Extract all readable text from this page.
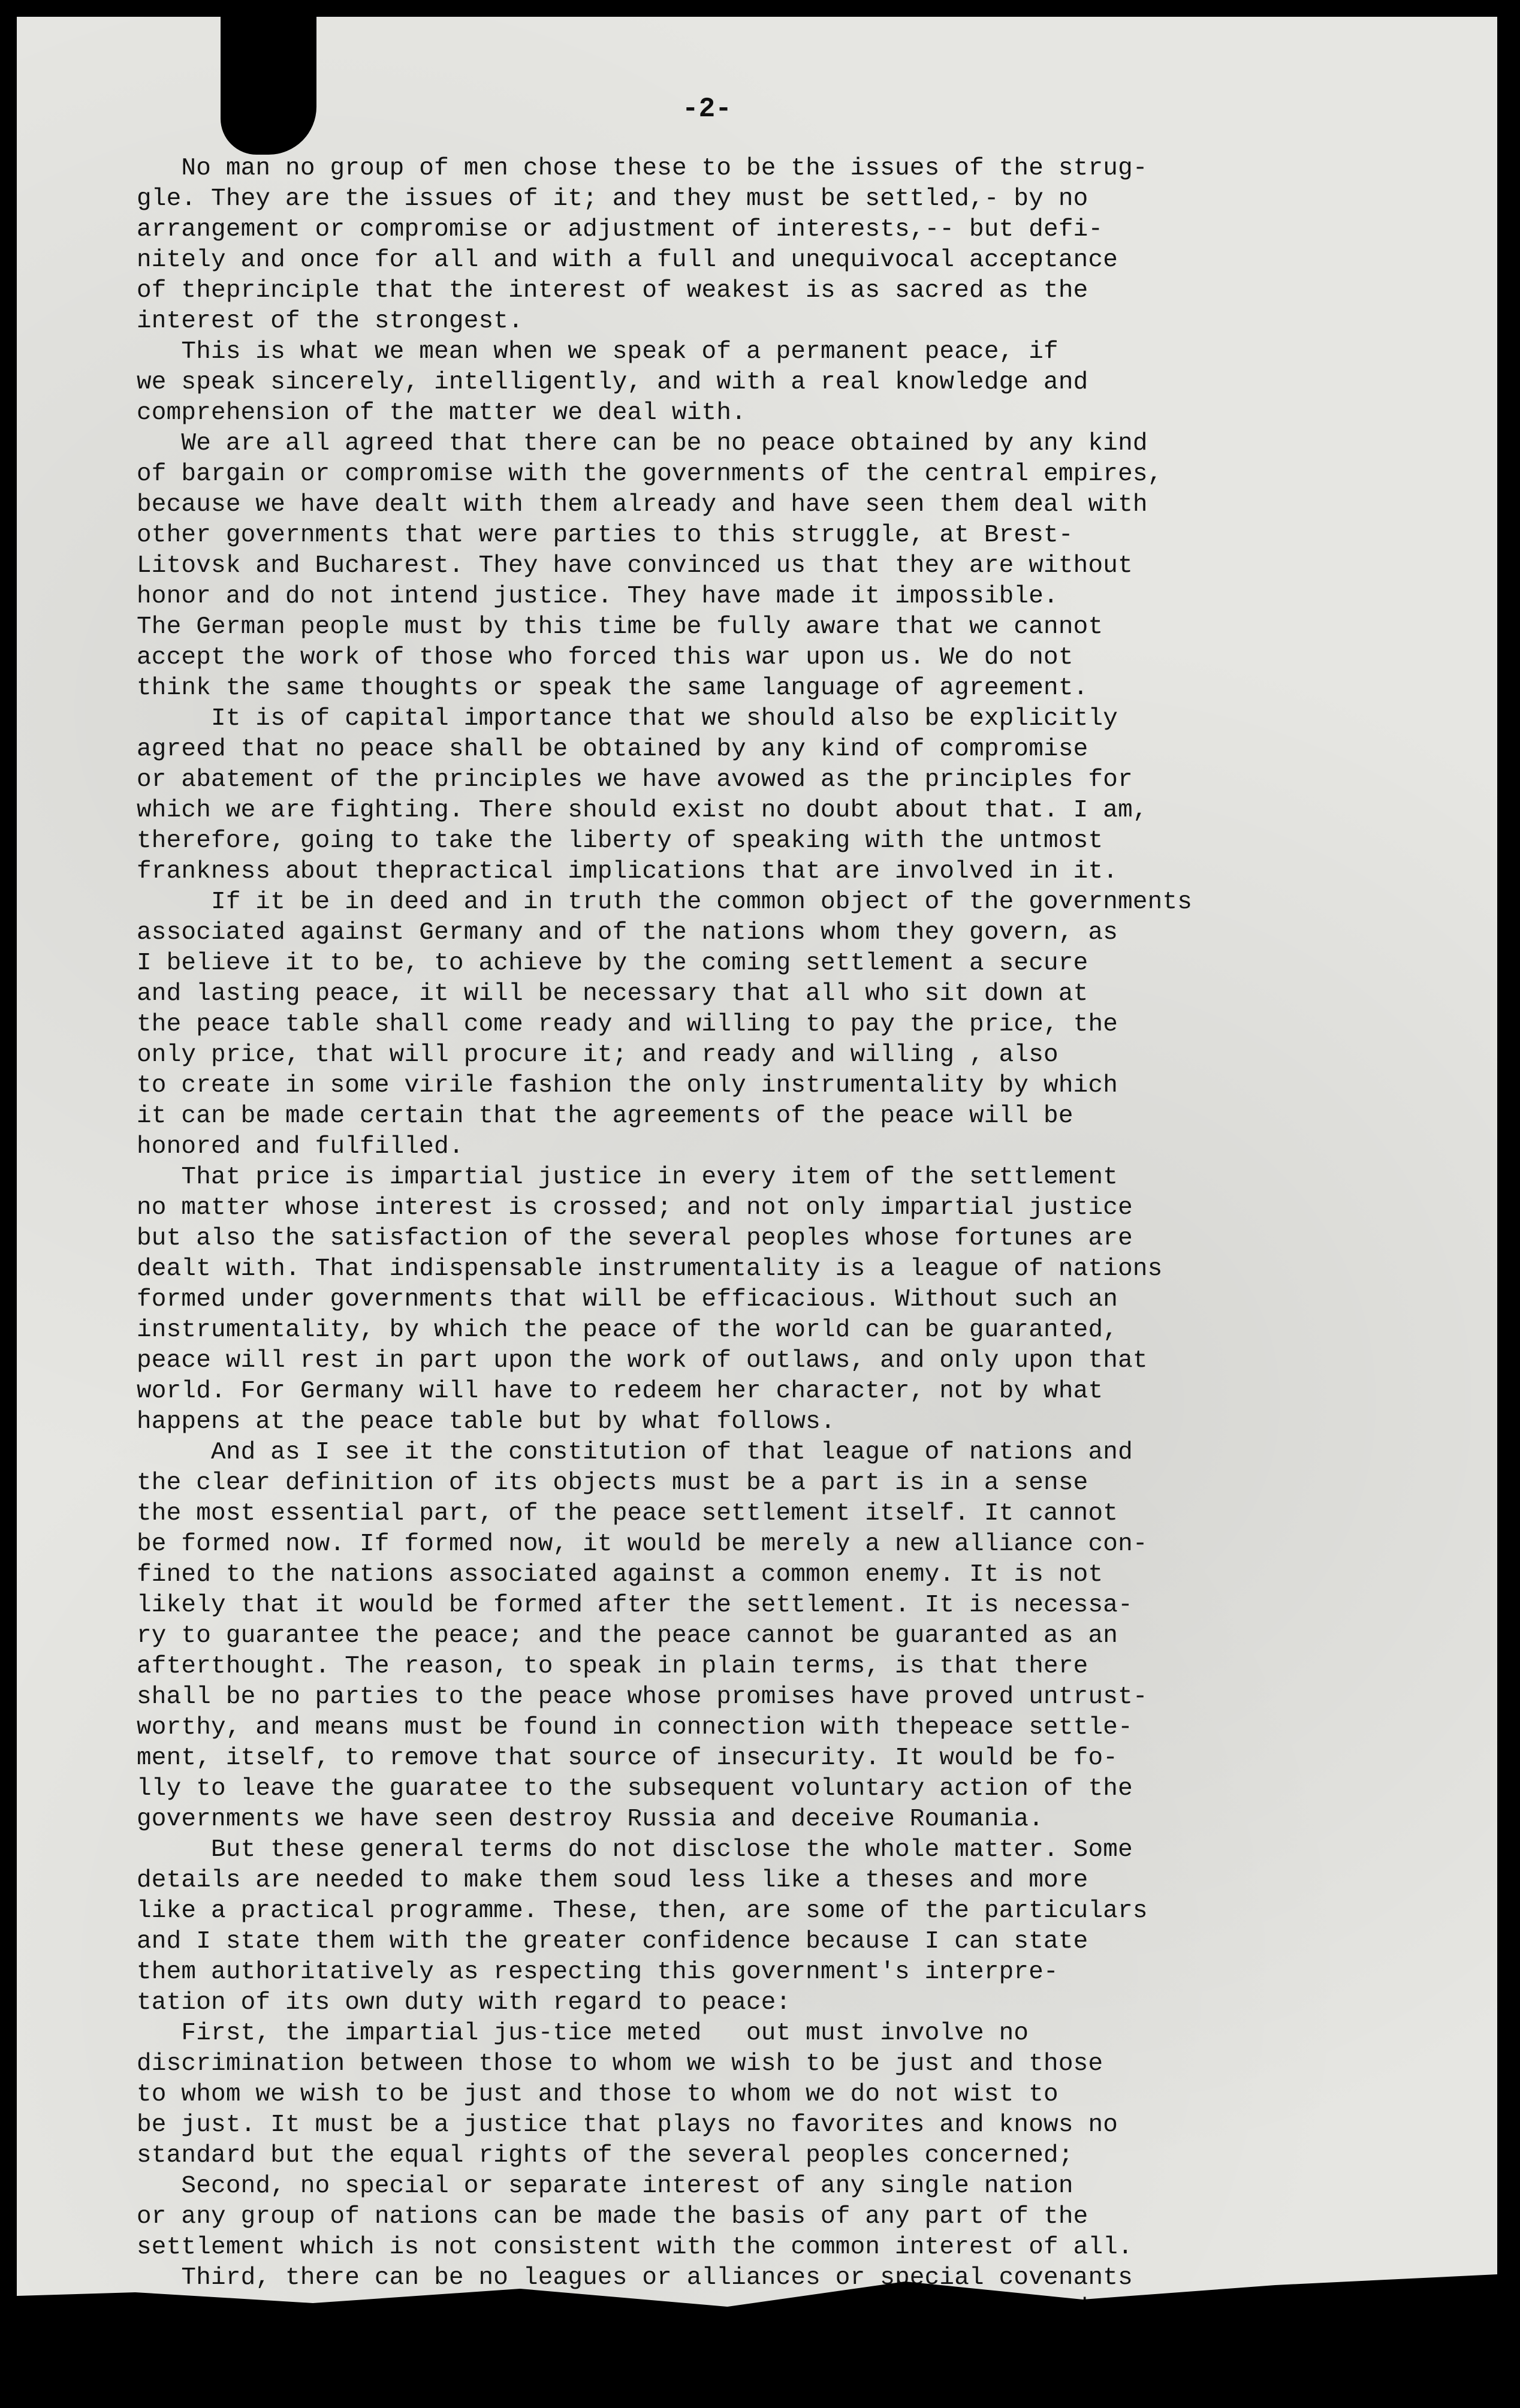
-2-
No man no group of men chose these to be the issues of the strug-
gle. They are the issues of it; and they must be settled,- by no
arrangement or compromise or adjustment of interests,-- but defi-
nitely and once for all and with a full and unequivocal acceptance
of theprinciple that the interest of weakest is as sacred as the
interest of the strongest.
This is what we mean when we speak of a permanent peace, if
we speak sincerely, intelligently, and with a real knowledge and
comprehension of the matter we deal with.
We are all agreed that there can be no peace obtained by any kind
of bargain or compromise with the governments of the central empires,
because we have dealt with them already and have seen them deal with
other governments that were parties to this struggle, at Brest-
Litovsk and Bucharest. They have convinced us that they are without
honor and do not intend justice. They have made it impossible.
The German people must by this time be fully aware that we cannot
accept the work of those who forced this war upon us. We do not
think the same thoughts or speak the same language of agreement.
It is of capital importance that we should also be explicitly
agreed that no peace shall be obtained by any kind of compromise
or abatement of the principles we have avowed as the principles for
which we are fighting. There should exist no doubt about that. I am,
therefore, going to take the liberty of speaking with the untmost
frankness about thepractical implications that are involved in it.
If it be in deed and in truth the common object of the governments
associated against Germany and of the nations whom they govern, as
I believe it to be, to achieve by the coming settlement a secure
and lasting peace, it will be necessary that all who sit down at
the peace table shall come ready and willing to pay the price, the
only price, that will procure it; and ready and willing , also
to create in some virile fashion the only instrumentality by which
it can be made certain that the agreements of the peace will be
honored and fulfilled.
That price is impartial justice in every item of the settlement
no matter whose interest is crossed; and not only impartial justice
but also the satisfaction of the several peoples whose fortunes are
dealt with. That indispensable instrumentality is a league of nations
formed under governments that will be efficacious. Without such an
instrumentality, by which the peace of the world can be guaranted,
peace will rest in part upon the work of outlaws, and only upon that
world. For Germany will have to redeem her character, not by what
happens at the peace table but by what follows.
And as I see it the constitution of that league of nations and
the clear definition of its objects must be a part is in a sense
the most essential part, of the peace settlement itself. It cannot
be formed now. If formed now, it would be merely a new alliance con-
fined to the nations associated against a common enemy. It is not
likely that it would be formed after the settlement. It is necessa-
ry to guarantee the peace; and the peace cannot be guaranted as an
afterthought. The reason, to speak in plain terms, is that there
shall be no parties to the peace whose promises have proved untrust-
worthy, and means must be found in connection with thepeace settle-
ment, itself, to remove that source of insecurity. It would be fo-
lly to leave the guaratee to the subsequent voluntary action of the
governments we have seen destroy Russia and deceive Roumania.
But these general terms do not disclose the whole matter. Some
details are needed to make them soud less like a theses and more
like a practical programme. These, then, are some of the particulars
and I state them with the greater confidence because I can state
them authoritatively as respecting this government's interpre-
tation of its own duty with regard to peace:
First, the impartial jus-tice meted   out must involve no
discrimination between those to whom we wish to be just and those
to whom we wish to be just and those to whom we do not wist to
be just. It must be a justice that plays no favorites and knows no
standard but the equal rights of the several peoples concerned;
Second, no special or separate interest of any single nation
or any group of nations can be made the basis of any part of the
settlement which is not consistent with the common interest of all.
Third, there can be no leagues or alliances or special covenants
